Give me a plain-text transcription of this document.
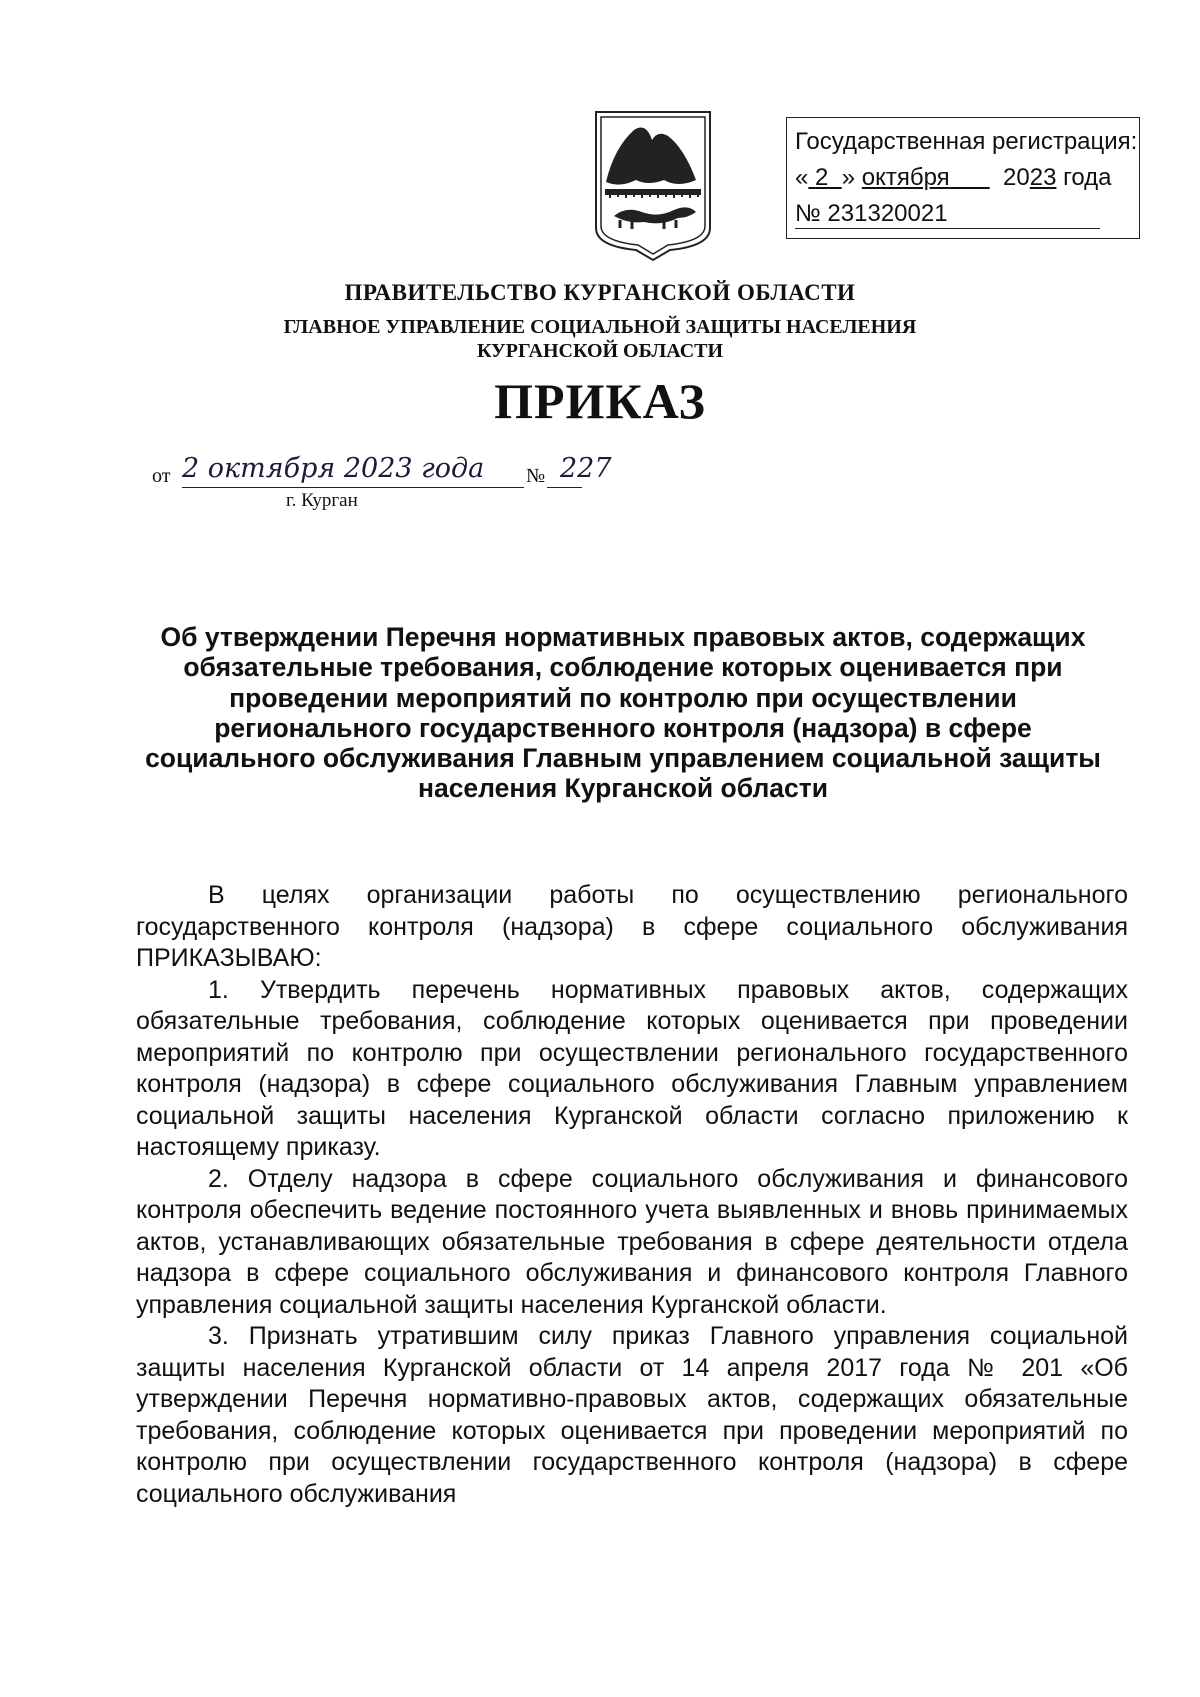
Государственная регистрация:
« 2 » октября 2023 года
№ 231320021
ПРАВИТЕЛЬСТВО КУРГАНСКОЙ ОБЛАСТИ
ГЛАВНОЕ УПРАВЛЕНИЕ СОЦИАЛЬНОЙ ЗАЩИТЫ НАСЕЛЕНИЯ
КУРГАНСКОЙ ОБЛАСТИ
ПРИКАЗ
от 2 октября 2023 года	№ 227
г. Курган
Об утверждении Перечня нормативных правовых актов, содержащих обязательные требования, соблюдение которых оценивается при проведении мероприятий по контролю при осуществлении регионального государственного контроля (надзора) в сфере социального обслуживания Главным управлением социальной защиты населения Курганской области

В целях организации работы по осуществлению регионального государственного контроля (надзора) в сфере социального обслуживания ПРИКАЗЫВАЮ:

1. Утвердить перечень нормативных правовых актов, содержащих обязательные требования, соблюдение которых оценивается при проведении мероприятий по контролю при осуществлении регионального государственного контроля (надзора) в сфере социального обслуживания Главным управлением социальной защиты населения Курганской области согласно приложению к настоящему приказу.

2. Отделу надзора в сфере социального обслуживания и финансового контроля обеспечить ведение постоянного учета выявленных и вновь принимаемых актов, устанавливающих обязательные требования в сфере деятельности отдела надзора в сфере социального обслуживания и финансового контроля Главного управления социальной защиты населения Курганской области.

3. Признать утратившим силу приказ Главного управления социальной защиты населения Курганской области от 14 апреля 2017 года № 201 «Об утверждении Перечня нормативно-правовых актов, содержащих обязательные требования, соблюдение которых оценивается при проведении мероприятий по контролю при осуществлении государственного контроля (надзора) в сфере социального обслуживания
